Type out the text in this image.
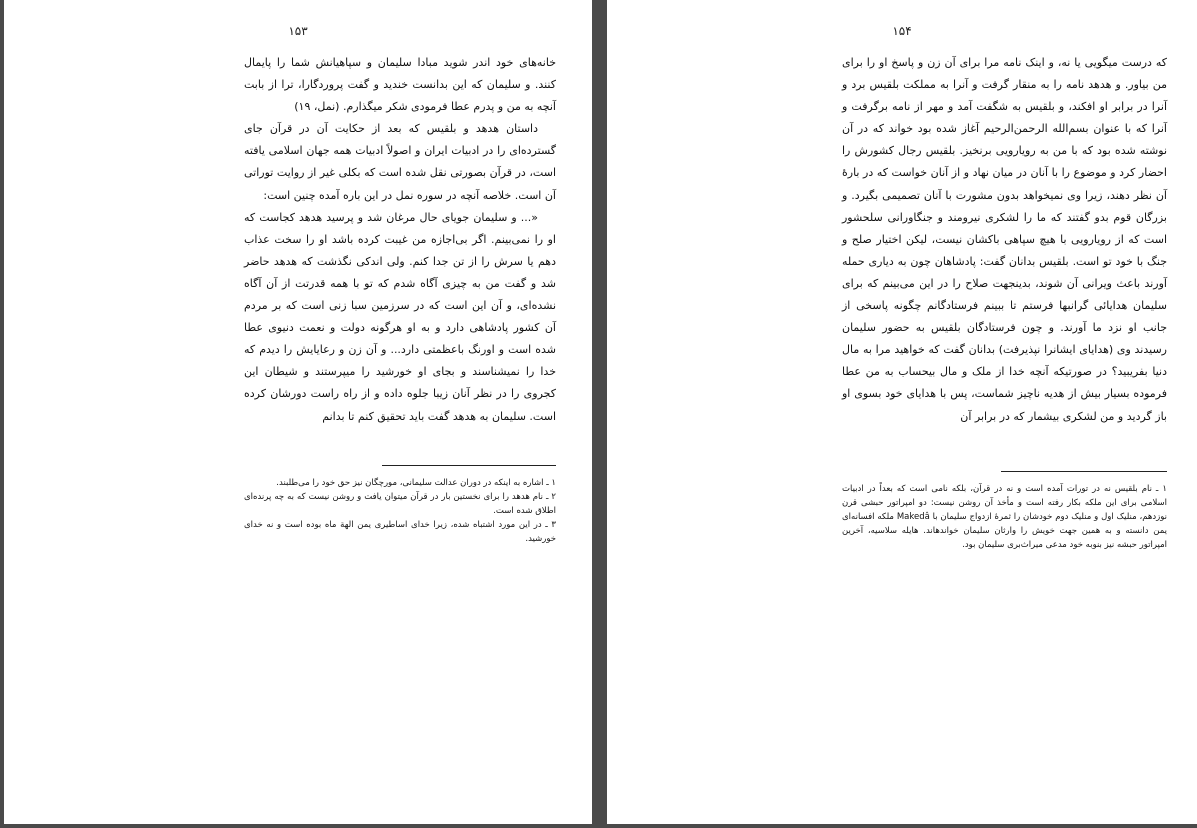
۱۵۳

خانه‌های خود اندر شوید مبادا سلیمان و سپاهیانش شما را پایمال کنند. و سلیمان که این بدانست خندید و گفت پروردگارا، ترا از بابت آنچه به من و پدرم عطا فرمودی شکر میگذارم. (نمل، ۱۹)

داستان هدهد و بلقیس که بعد از حکایت آن در قرآن جای گسترده‌ای را در ادبیات ایران و اصولاً ادبیات همه جهان اسلامی یافته است، در قرآن بصورتی نقل شده است که بکلی غیر از روایت توراتی آن است. خلاصه آنچه در سوره نمل در این باره آمده چنین است:

«... و سلیمان جویای حال مرغان شد و پرسید هدهد کجاست که او را نمی‌بینم. اگر بی‌اجازه من غیبت کرده باشد او را سخت عذاب دهم یا سرش را از تن جدا کنم. ولی اندکی نگذشت که هدهد حاضر شد و گفت من به چیزی آگاه شدم که تو با همه قدرتت از آن آگاه نشده‌ای، و آن این است که در سرزمین سبا زنی است که بر مردم آن کشور پادشاهی دارد و به او هرگونه دولت و نعمت دنیوی عطا شده است و اورنگ باعظمتی دارد... و آن زن و رعایایش را دیدم که خدا را نمیشناسند و بجای او خورشید را میپرستند و شیطان این کجروی را در نظر آنان زیبا جلوه داده و از راه راست دورشان کرده است. سلیمان به هدهد گفت باید تحقیق کنم تا بدانم

۱ ـ اشاره به اینکه در دوران عدالت سلیمانی، مورچگان نیز حق خود را می‌طلبند.

۲ ـ نام هدهد را برای نخستین بار در قرآن میتوان یافت و روشن نیست که به چه پرنده‌ای اطلاق شده است.

۳ ـ در این مورد اشتباه شده، زیرا خدای اساطیری یمن الهة ماه بوده است و نه خدای خورشید.

۱۵۴

که درست میگویی یا نه، و اینک نامه مرا برای آن زن و پاسخ او را برای من بیاور. و هدهد نامه را به منقار گرفت و آنرا به مملکت بلقیس برد و آنرا در برابر او افکند، و بلقیس به شگفت آمد و مهر از نامه برگرفت و آنرا که با عنوان بسم‌الله الرحمن‌الرحیم آغاز شده بود خواند که در آن نوشته شده بود که با من به رویارویی برنخیز. بلقیس رجال کشورش را احضار کرد و موضوع را با آنان در میان نهاد و از آنان خواست که در بارهٔ آن نظر دهند، زیرا وی نمیخواهد بدون مشورت با آنان تصمیمی بگیرد. و بزرگان قوم بدو گفتند که ما را لشکری نیرومند و جنگاورانی سلحشور است که از رویارویی با هیچ سپاهی باکشان نیست، لیکن اختیار صلح و جنگ با خود تو است. بلقیس بدانان گفت: پادشاهان چون به دیاری حمله آورند باعث ویرانی آن شوند، بدینجهت صلاح را در این می‌بینم که برای سلیمان هدایائی گرانبها فرستم تا ببینم فرستادگانم چگونه پاسخی از جانب او نزد ما آورند. و چون فرستادگان بلقیس به حضور سلیمان رسیدند وی (هدایای ایشانرا نپذیرفت) بدانان گفت که خواهید مرا به مال دنیا بفریبید؟ در صورتیکه آنچه خدا از ملک و مال بیحساب به من عطا فرموده بسیار بیش از هدیه ناچیز شماست، پس با هدایای خود بسوی او باز گردید و من لشکری بیشمار که در برابر آن

۱ ـ نام بلقیس نه در تورات آمده است و نه در قرآن، بلکه نامی است که بعداً در ادبیات اسلامی برای این ملکه بکار رفته است و مأخذ آن روشن نیست: دو امپراتور حبشی قرن نوزدهم، منلیک اول و منلیک دوم خودشان را ثمرهٔ ازدواج سلیمان با Makedâ ملکه افسانه‌ای یمن دانسته و به همین جهت خویش را وارثان سلیمان خواندهاند. هایله سلاسیه، آخرین امپراتور حبشه نیز بنوبه خود مدعی میراث‌بری سلیمان بود.
